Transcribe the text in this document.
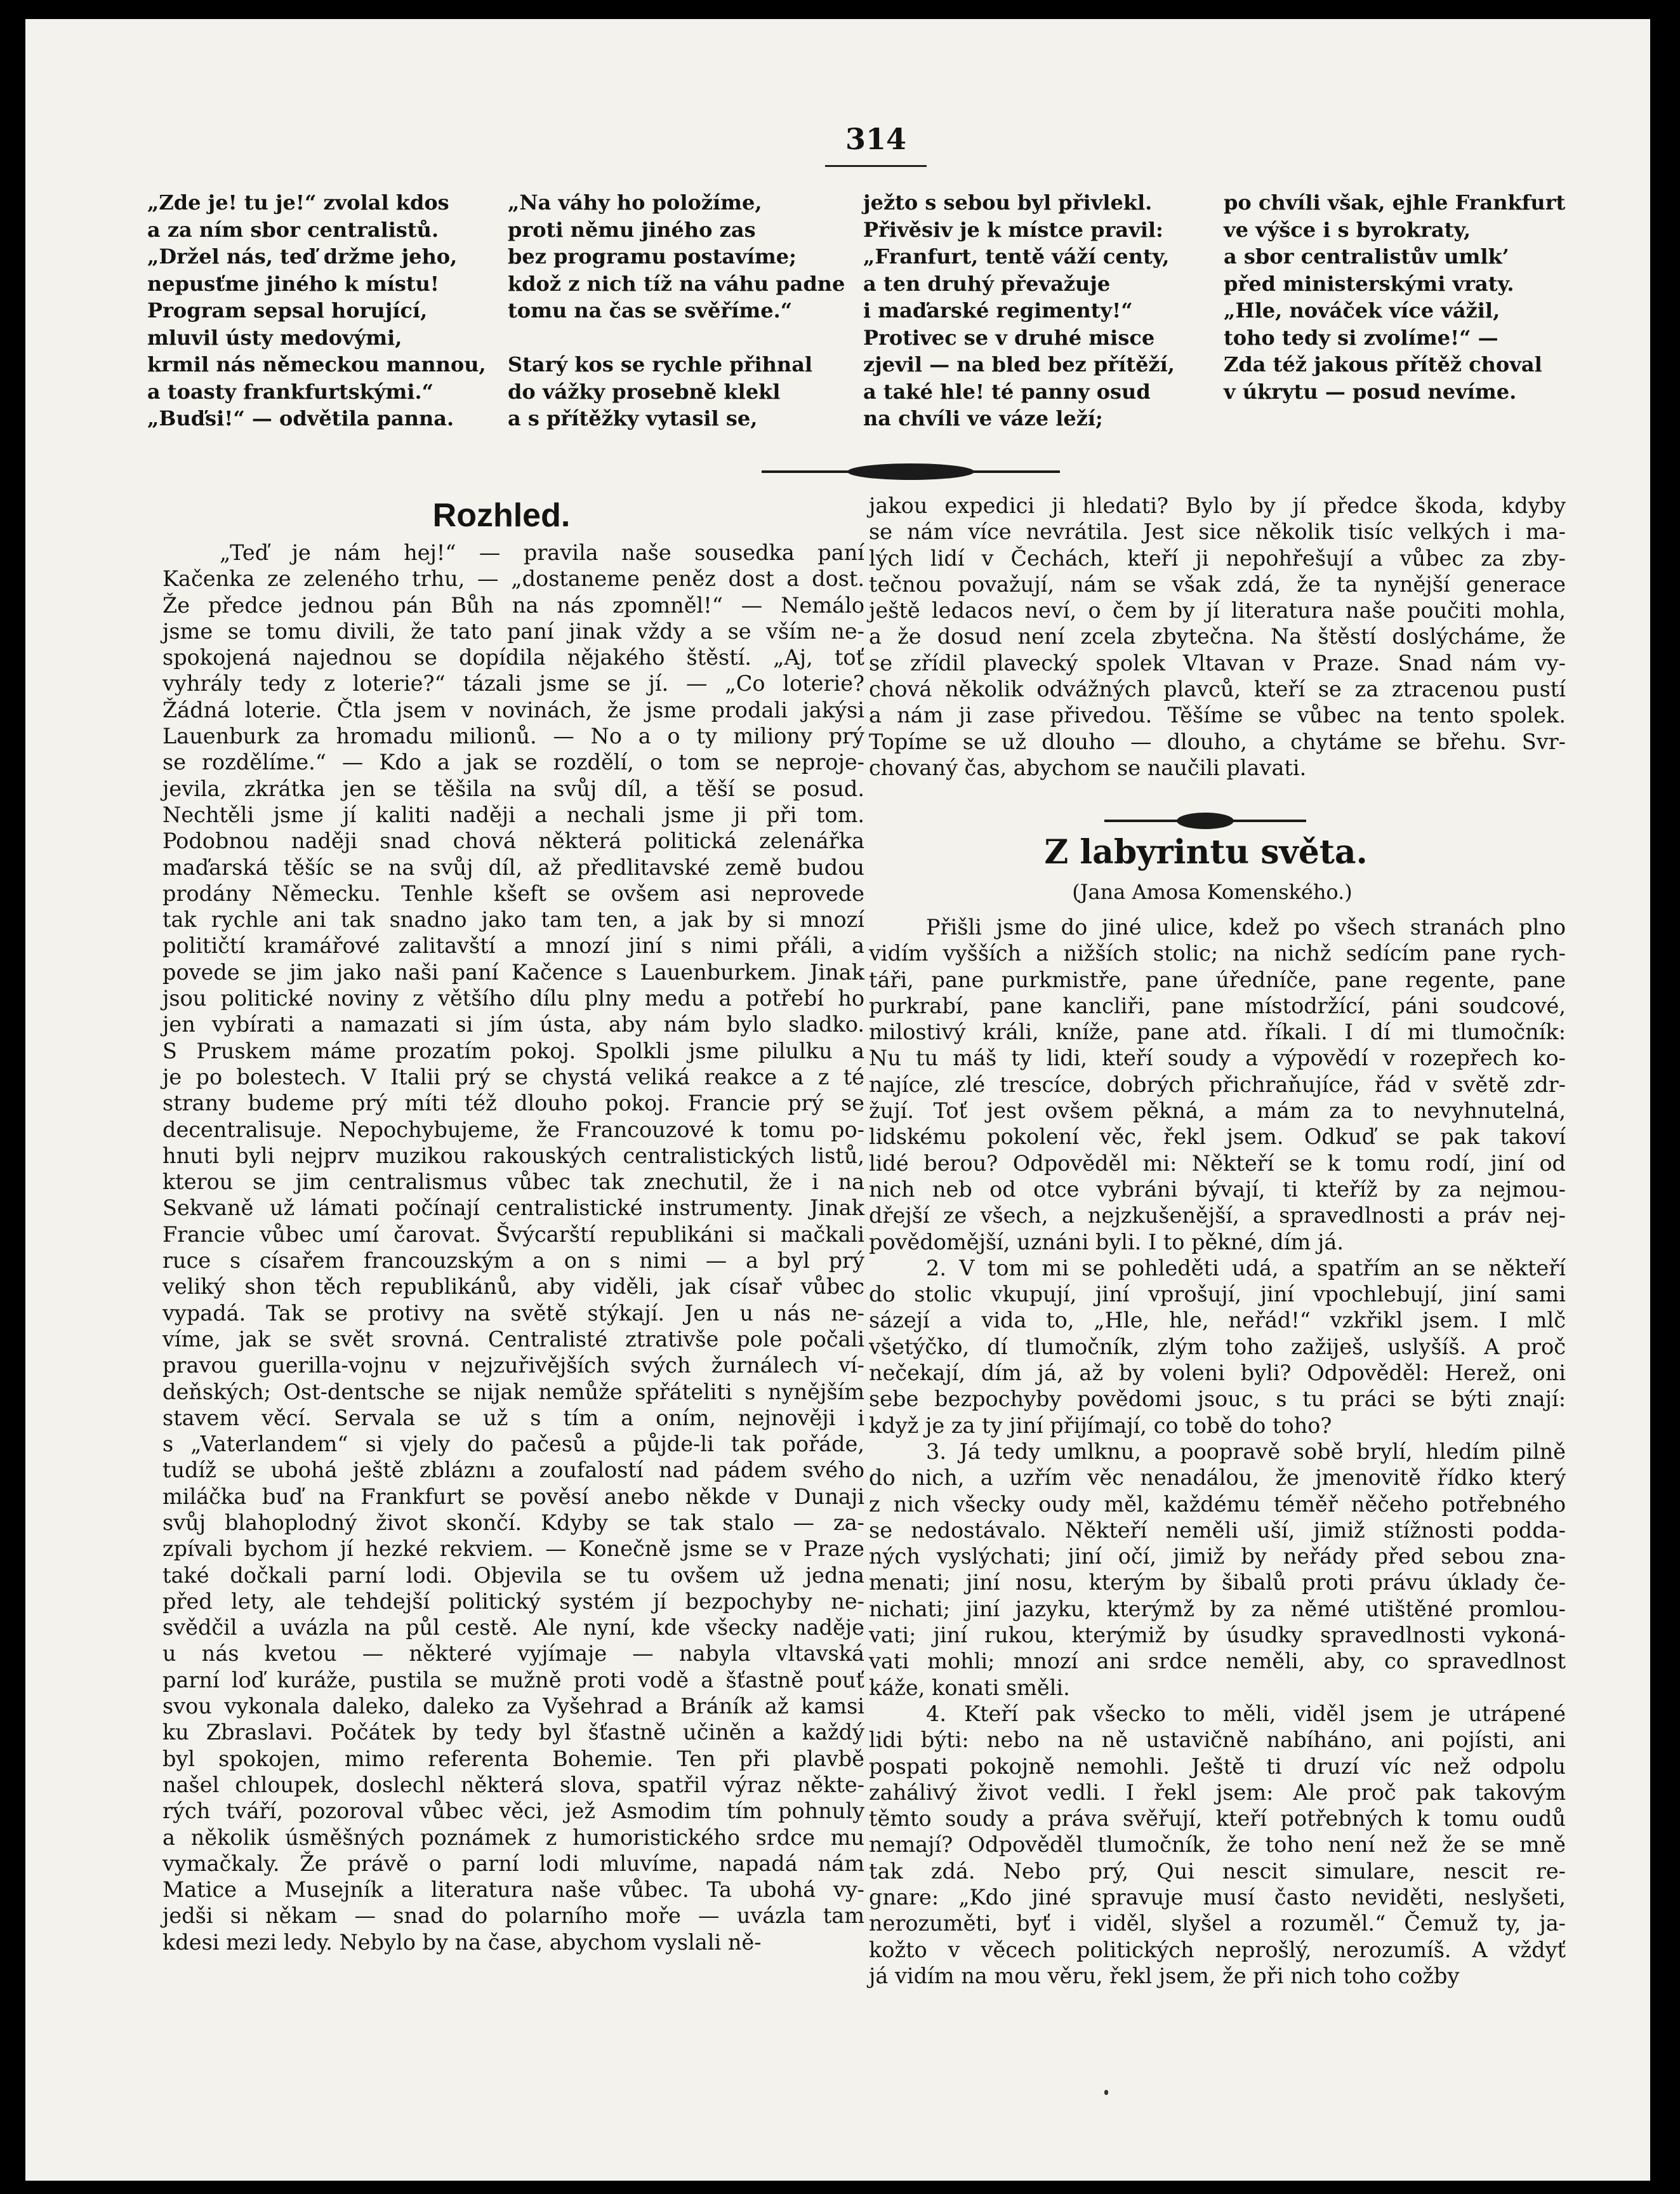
314
„Zde je! tu je!“ zvolal kdos
a za ním sbor centralistů.
„Držel nás, teď držme jeho,
nepusťme jiného k místu!
Program sepsal horující,
mluvil ústy medovými,
krmil nás německou mannou,
a toasty frankfurtskými.“
„Buďsi!“ — odvětila panna.
„Na váhy ho položíme,
proti němu jiného zas
bez programu postavíme;
kdož z nich tíž na váhu padne
tomu na čas se svěříme.“

Starý kos se rychle přihnal
do vážky prosebně klekl
a s přítěžky vytasil se,
ježto s sebou byl přivlekl.
Přivěsiv je k místce pravil:
„Franfurt, tentě váží centy,
a ten druhý převažuje
i maďarské regimenty!“
Protivec se v druhé misce
zjevil — na bled bez přítěží,
a také hle! té panny osud
na chvíli ve váze leží;
po chvíli však, ejhle Frankfurt
ve výšce i s byrokraty,
a sbor centralistův umlk’
před ministerskými vraty.
„Hle, nováček více vážil,
toho tedy si zvolíme!“ —
Zda též jakous přítěž choval
v úkrytu — posud nevíme.
Rozhled.
„Teď je nám hej!“ — pravila naše sousedka paní
Kačenka ze zeleného trhu, — „dostaneme peněz dost a dost.
Že předce jednou pán Bůh na nás zpomněl!“ — Nemálo
jsme se tomu divili, že tato paní jinak vždy a se vším ne-
spokojená najednou se dopídila nějakého štěstí. „Aj, toť
vyhrály tedy z loterie?“ tázali jsme se jí. — „Co loterie?
Žádná loterie. Čtla jsem v novinách, že jsme prodali jakýsi
Lauenburk za hromadu milionů. — No a o ty miliony prý
se rozdělíme.“ — Kdo a jak se rozdělí, o tom se neproje-
jevila, zkrátka jen se těšila na svůj díl, a těší se posud.
Nechtěli jsme jí kaliti naději a nechali jsme ji při tom.
Podobnou naději snad chová některá politická zelenářka
maďarská těšíc se na svůj díl, až předlitavské země budou
prodány Německu. Tenhle kšeft se ovšem asi neprovede
tak rychle ani tak snadno jako tam ten, a jak by si mnozí
političtí kramářové zalitavští a mnozí jiní s nimi přáli, a
povede se jim jako naši paní Kačence s Lauenburkem. Jinak
jsou politické noviny z většího dílu plny medu a potřebí ho
jen vybírati a namazati si jím ústa, aby nám bylo sladko.
S Pruskem máme prozatím pokoj. Spolkli jsme pilulku a
je po bolestech. V Italii prý se chystá veliká reakce a z té
strany budeme prý míti též dlouho pokoj. Francie prý se
decentralisuje. Nepochybujeme, že Francouzové k tomu po-
hnuti byli nejprv muzikou rakouských centralistických listů,
kterou se jim centralismus vůbec tak znechutil, že i na
Sekvaně už lámati počínají centralistické instrumenty. Jinak
Francie vůbec umí čarovat. Švýcarští republikáni si mačkali
ruce s císařem francouzským a on s nimi — a byl prý
veliký shon těch republikánů, aby viděli, jak císař vůbec
vypadá. Tak se protivy na světě stýkají. Jen u nás ne-
víme, jak se svět srovná. Centralisté ztrativše pole počali
pravou guerilla-vojnu v nejzuřivějších svých žurnálech ví-
deňských; Ost-dentsche se nijak nemůže spřáteliti s nynějším
stavem věcí. Servala se už s tím a oním, nejnověji i
s „Vaterlandem“ si vjely do pačesů a půjde-li tak pořáde,
tudíž se ubohá ještě zbláznı a zoufalostí nad pádem svého
miláčka buď na Frankfurt se pověsí anebo někde v Dunaji
svůj blahoplodný život skončí. Kdyby se tak stalo — za-
zpívali bychom jí hezké rekviem. — Konečně jsme se v Praze
také dočkali parní lodi. Objevila se tu ovšem už jedna
před lety, ale tehdejší politický systém jí bezpochyby ne-
svědčil a uvázla na půl cestě. Ale nyní, kde všecky naděje
u nás kvetou — některé vyjímaje — nabyla vltavská
parní loď kuráže, pustila se mužně proti vodě a šťastně pouť
svou vykonala daleko, daleko za Vyšehrad a Bráník až kamsi
ku Zbraslavi. Počátek by tedy byl šťastně učiněn a každý
byl spokojen, mimo referenta Bohemie. Ten při plavbě
našel chloupek, doslechl některá slova, spatřil výraz někte-
rých tváří, pozoroval vůbec věci, jež Asmodim tím pohnuly
a několik úsměšných poznámek z humoristického srdce mu
vymačkaly. Že právě o parní lodi mluvíme, napadá nám
Matice a Musejník a literatura naše vůbec. Ta ubohá vy-
jedši si někam — snad do polarního moře — uvázla tam
kdesi mezi ledy. Nebylo by na čase, abychom vyslali ně-
jakou expedici ji hledati? Bylo by jí předce škoda, kdyby
se nám více nevrátila. Jest sice několik tisíc velkých i ma-
lých lidí v Čechách, kteří ji nepohřešují a vůbec za zby-
tečnou považují, nám se však zdá, že ta nynější generace
ještě ledacos neví, o čem by jí literatura naše poučiti mohla,
a že dosud není zcela zbytečna. Na štěstí doslýcháme, že
se zřídil plavecký spolek Vltavan v Praze. Snad nám vy-
chová několik odvážných plavců, kteří se za ztracenou pustí
a nám ji zase přivedou. Těšíme se vůbec na tento spolek.
Topíme se už dlouho — dlouho, a chytáme se břehu. Svr-
chovaný čas, abychom se naučili plavati.
Z labyrintu světa.
(Jana Amosa Komenského.)
Přišli jsme do jiné ulice, kdež po všech stranách plno
vidím vyšších a nižších stolic; na nichž sedícím pane rych-
táři, pane purkmistře, pane úředníče, pane regente, pane
purkrabí, pane kancliři, pane místodržící, páni soudcové,
milostivý králi, kníže, pane atd. říkali. I dí mi tlumočník:
Nu tu máš ty lidi, kteří soudy a výpovědí v rozepřech ko-
najíce, zlé trescíce, dobrých přichraňujíce, řád v světě zdr-
žují. Toť jest ovšem pěkná, a mám za to nevyhnutelná,
lidskému pokolení věc, řekl jsem. Odkuď se pak takoví
lidé berou? Odpověděl mi: Někteří se k tomu rodí, jiní od
nich neb od otce vybráni bývají, ti kteříž by za nejmou-
dřejší ze všech, a nejzkušenější, a spravedlnosti a práv nej-
povědomější, uznáni byli. I to pěkné, dím já.
2. V tom mi se pohleděti udá, a spatřím an se někteří
do stolic vkupují, jiní vprošují, jiní vpochlebují, jiní sami
sázejí a vida to, „Hle, hle, neřád!“ vzkřikl jsem. I mlč
všetýčko, dí tlumočník, zlým toho zažiješ, uslyšíš. A proč
nečekají, dím já, až by voleni byli? Odpověděl: Herež, oni
sebe bezpochyby povědomi jsouc, s tu práci se býti znají:
když je za ty jiní přijímají, co tobě do toho?
3. Já tedy umlknu, a poopravě sobě brylí, hledím pilně
do nich, a uzřím věc nenadálou, že jmenovitě řídko který
z nich všecky oudy měl, každému téměř něčeho potřebného
se nedostávalo. Někteří neměli uší, jimiž stížnosti podda-
ných vyslýchati; jiní očí, jimiž by neřády před sebou zna-
menati; jiní nosu, kterým by šibalů proti právu úklady če-
nichati; jiní jazyku, kterýmž by za němé utištěné promlou-
vati; jiní rukou, kterýmiž by úsudky spravedlnosti vykoná-
vati mohli; mnozí ani srdce neměli, aby, co spravedlnost
káže, konati směli.
4. Kteří pak všecko to měli, viděl jsem je utrápené
lidi býti: nebo na ně ustavičně nabíháno, ani pojísti, ani
pospati pokojně nemohli. Ještě ti druzí víc než odpolu
zahálivý život vedli. I řekl jsem: Ale proč pak takovým
těmto soudy a práva svěřují, kteří potřebných k tomu oudů
nemají? Odpověděl tlumočník, že toho není než že se mně
tak zdá. Nebo prý, Qui nescit simulare, nescit re-
gnare: „Kdo jiné spravuje musí často neviděti, neslyšeti,
nerozuměti, byť i viděl, slyšel a rozuměl.“ Čemuž ty, ja-
kožto v věcech politických neprošlý, nerozumíš. A vždyť
já vidím na mou věru, řekl jsem, že při nich toho cožby
